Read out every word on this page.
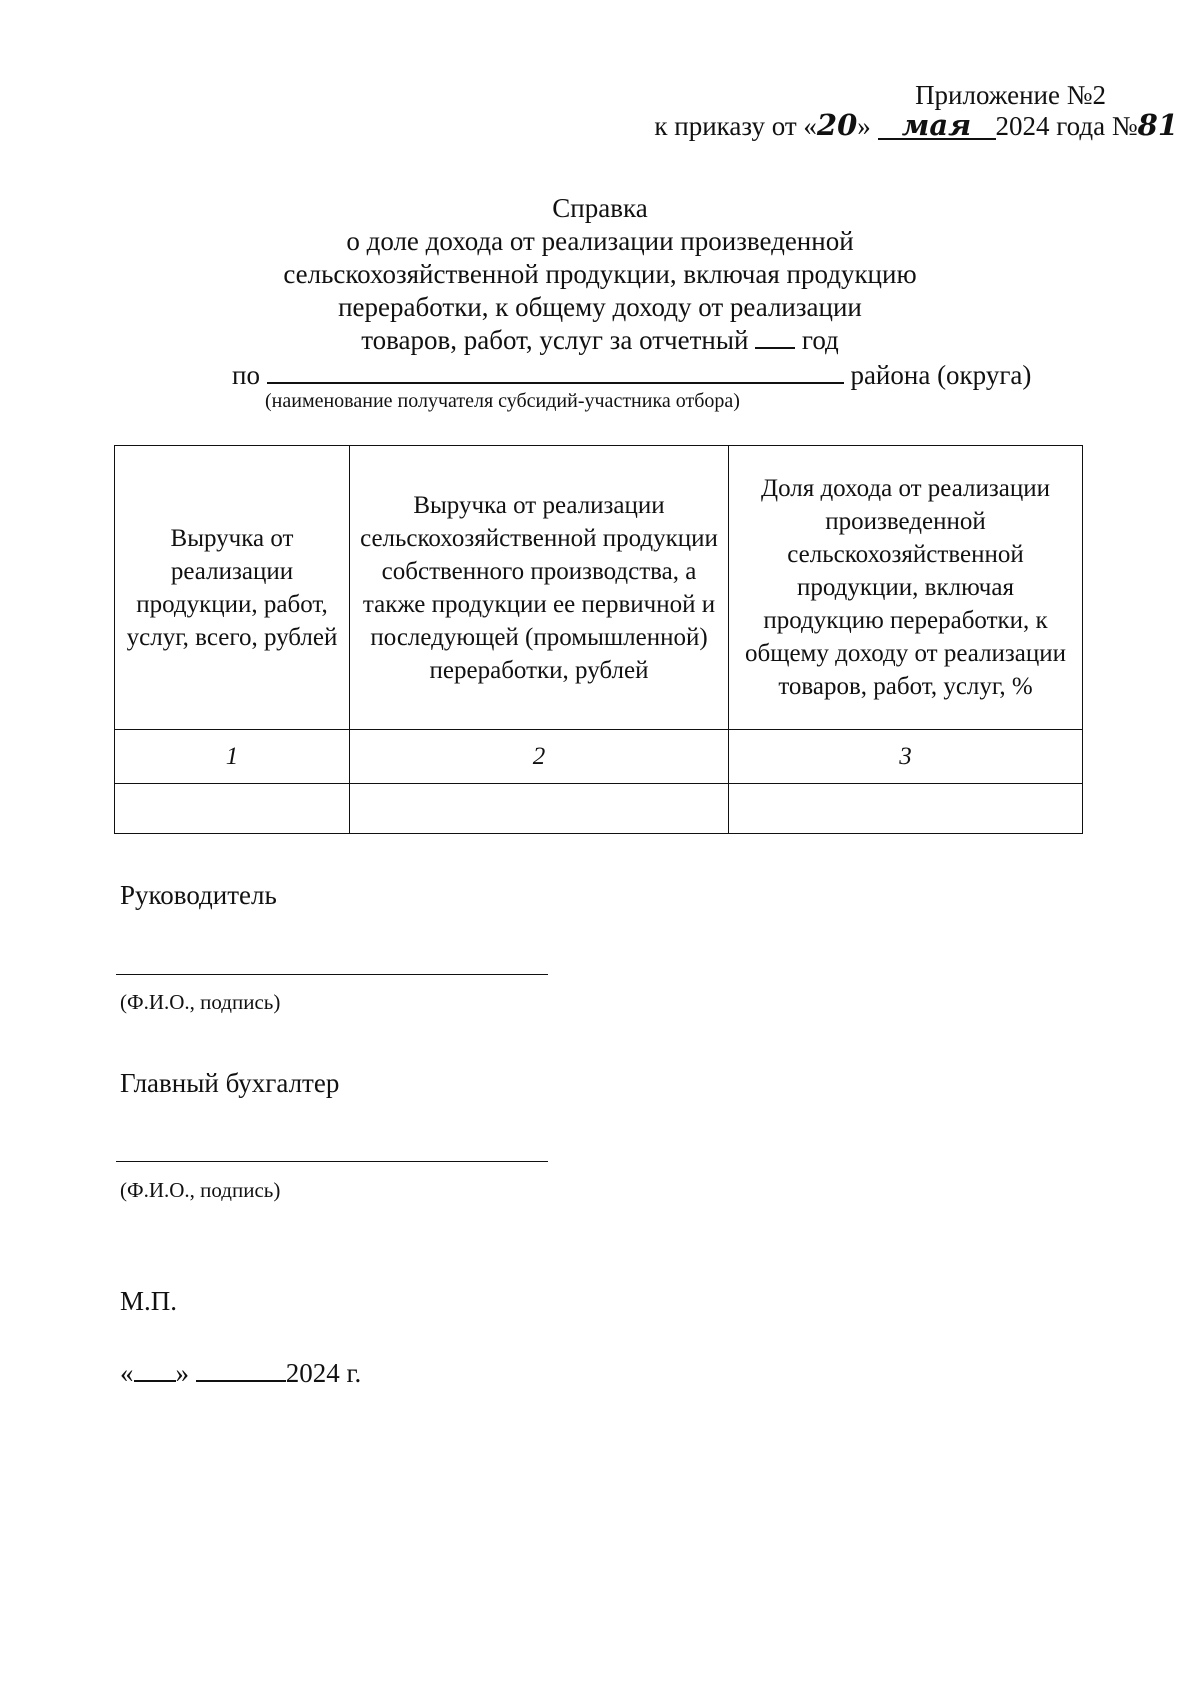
Приложение №2
к приказу от «20» мая 2024 года №81
Справка
о доле дохода от реализации произведенной
сельскохозяйственной продукции, включая продукцию
переработки, к общему доходу от реализации
товаров, работ, услуг за отчетный год
по	района (округа)
(наименование получателя субсидий-участника отбора)
Выручка от реализации продукции, работ, услуг, всего, рублей	Выручка от реализации сельскохозяйственной продукции собственного производства, а также продукции ее первичной и последующей (промышленной) переработки, рублей	Доля дохода от реализации произведенной сельскохозяйственной продукции, включая продукцию переработки, к общему доходу от реализации товаров, работ, услуг, %
1	2	3

Руководитель
(Ф.И.О., подпись)
Главный бухгалтер
(Ф.И.О., подпись)
М.П.
« »	2024 г.
